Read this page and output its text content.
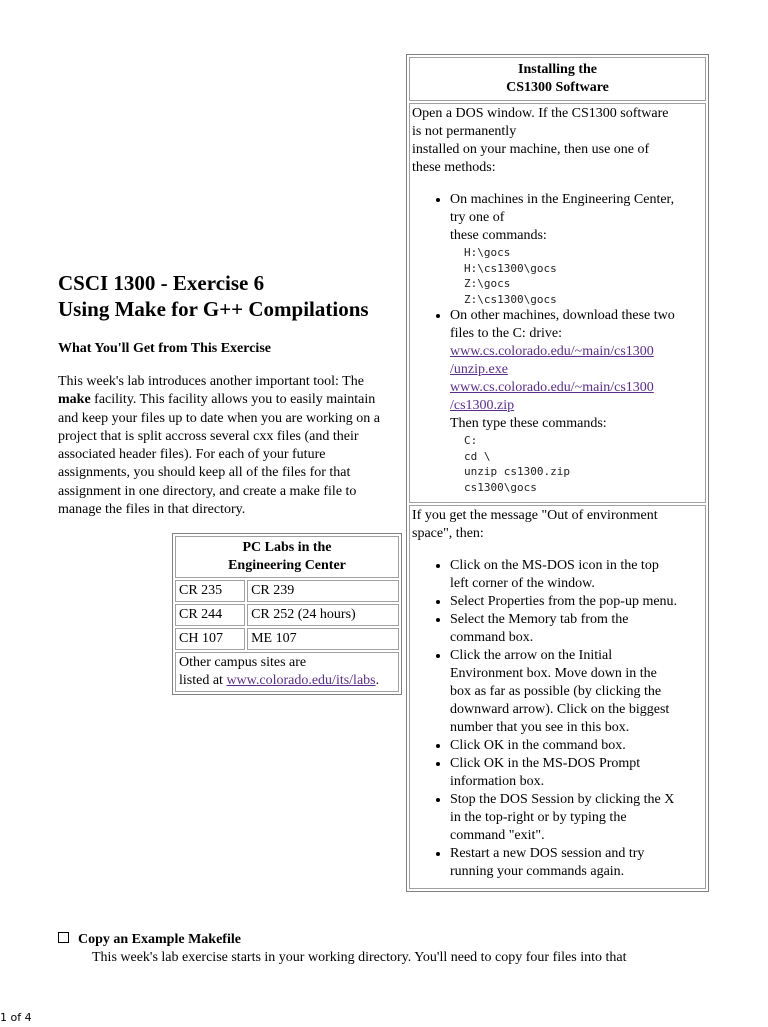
CSCI 1300 - Exercise 6
Using Make for G++ Compilations
What You'll Get from This Exercise

This week's lab introduces another important tool: The make facility. This facility allows you to easily maintain and keep your files up to date when you are working on a project that is split accross several cxx files (and their associated header files). For each of your future assignments, you should keep all of the files for that assignment in one directory, and create a make file to manage the files in that directory.

PC Labs in the
Engineering Center	
CR 235	CR 239
CR 244	CR 252 (24 hours)
CH 107	ME 107
Other campus sites are
listed at www.colorado.edu/its/labs.	
Installing the
CS1300 Software

Open a DOS window. If the CS1300 software
is not permanently
installed on your machine, then use one of
these methods:
• On machines in the Engineering Center,
try one of
these commands:
H:\gocs
H:\cs1300\gocs
Z:\gocs
Z:\cs1300\gocs
• On other machines, download these two
files to the C: drive:
www.cs.colorado.edu/~main/cs1300
/unzip.exe
www.cs.colorado.edu/~main/cs1300
/cs1300.zip
Then type these commands:
C:
cd \
unzip cs1300.zip
cs1300\gocs

If you get the message "Out of environment
space", then:
• Click on the MS-DOS icon in the top
left corner of the window.
• Select Properties from the pop-up menu.
• Select the Memory tab from the
command box.
• Click the arrow on the Initial
Environment box. Move down in the
box as far as possible (by clicking the
downward arrow). Click on the biggest
number that you see in this box.
• Click OK in the command box.
• Click OK in the MS-DOS Prompt
information box.
• Stop the DOS Session by clicking the X
in the top-right or by typing the
command "exit".
• Restart a new DOS session and try
running your commands again.
Copy an Example Makefile

This week's lab exercise starts in your working directory. You'll need to copy four files into that

1 of 4
